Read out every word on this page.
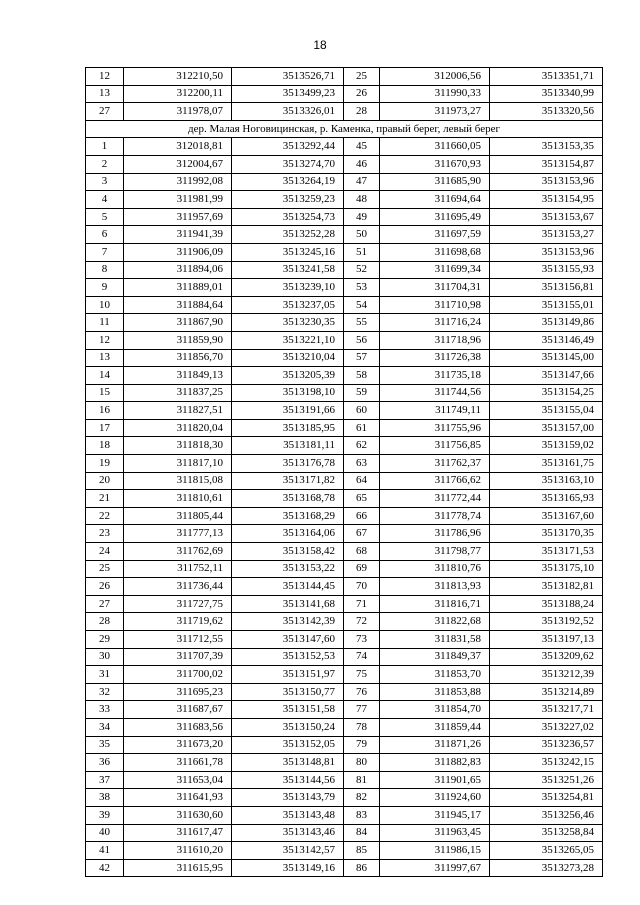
18
12	312210,50	3513526,71	25	312006,56	3513351,71
13	312200,11	3513499,23	26	311990,33	3513340,99
27	311978,07	3513326,01	28	311973,27	3513320,56
дер. Малая Ноговицинская, р. Каменка, правый берег, левый берег					
1	312018,81	3513292,44	45	311660,05	3513153,35
2	312004,67	3513274,70	46	311670,93	3513154,87
3	311992,08	3513264,19	47	311685,90	3513153,96
4	311981,99	3513259,23	48	311694,64	3513154,95
5	311957,69	3513254,73	49	311695,49	3513153,67
6	311941,39	3513252,28	50	311697,59	3513153,27
7	311906,09	3513245,16	51	311698,68	3513153,96
8	311894,06	3513241,58	52	311699,34	3513155,93
9	311889,01	3513239,10	53	311704,31	3513156,81
10	311884,64	3513237,05	54	311710,98	3513155,01
11	311867,90	3513230,35	55	311716,24	3513149,86
12	311859,90	3513221,10	56	311718,96	3513146,49
13	311856,70	3513210,04	57	311726,38	3513145,00
14	311849,13	3513205,39	58	311735,18	3513147,66
15	311837,25	3513198,10	59	311744,56	3513154,25
16	311827,51	3513191,66	60	311749,11	3513155,04
17	311820,04	3513185,95	61	311755,96	3513157,00
18	311818,30	3513181,11	62	311756,85	3513159,02
19	311817,10	3513176,78	63	311762,37	3513161,75
20	311815,08	3513171,82	64	311766,62	3513163,10
21	311810,61	3513168,78	65	311772,44	3513165,93
22	311805,44	3513168,29	66	311778,74	3513167,60
23	311777,13	3513164,06	67	311786,96	3513170,35
24	311762,69	3513158,42	68	311798,77	3513171,53
25	311752,11	3513153,22	69	311810,76	3513175,10
26	311736,44	3513144,45	70	311813,93	3513182,81
27	311727,75	3513141,68	71	311816,71	3513188,24
28	311719,62	3513142,39	72	311822,68	3513192,52
29	311712,55	3513147,60	73	311831,58	3513197,13
30	311707,39	3513152,53	74	311849,37	3513209,62
31	311700,02	3513151,97	75	311853,70	3513212,39
32	311695,23	3513150,77	76	311853,88	3513214,89
33	311687,67	3513151,58	77	311854,70	3513217,71
34	311683,56	3513150,24	78	311859,44	3513227,02
35	311673,20	3513152,05	79	311871,26	3513236,57
36	311661,78	3513148,81	80	311882,83	3513242,15
37	311653,04	3513144,56	81	311901,65	3513251,26
38	311641,93	3513143,79	82	311924,60	3513254,81
39	311630,60	3513143,48	83	311945,17	3513256,46
40	311617,47	3513143,46	84	311963,45	3513258,84
41	311610,20	3513142,57	85	311986,15	3513265,05
42	311615,95	3513149,16	86	311997,67	3513273,28
